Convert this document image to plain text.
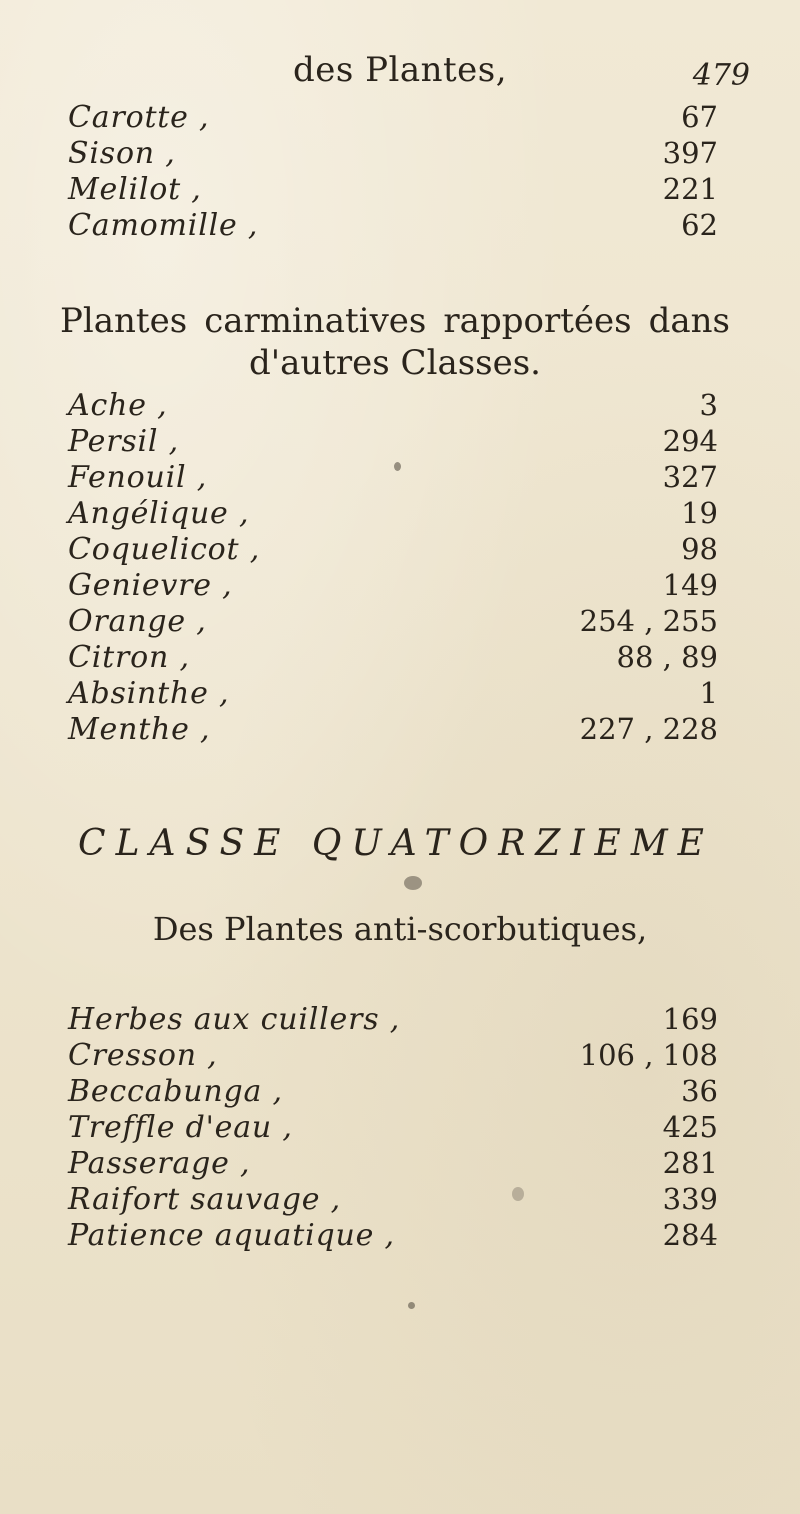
des Plantes,	479
Carotte ,	67
Sison ,	397
Melilot ,	221
Camomille ,	62
Plantes carminatives rapportées dans
d'autres Classes.
Ache ,	3
Persil ,	294
Fenouil ,	327
Angélique ,	19
Coquelicot ,	98
Genievre ,	149
Orange ,	254 , 255
Citron ,	88 , 89
Absinthe ,	1
Menthe ,	227 , 228
CLASSE QUATORZIEME
Des Plantes anti-scorbutiques,
Herbes aux cuillers ,	169
Cresson ,	106 , 108
Beccabunga ,	36
Treffle d'eau ,	425
Passerage ,	281
Raifort sauvage ,	339
Patience aquatique ,	284
